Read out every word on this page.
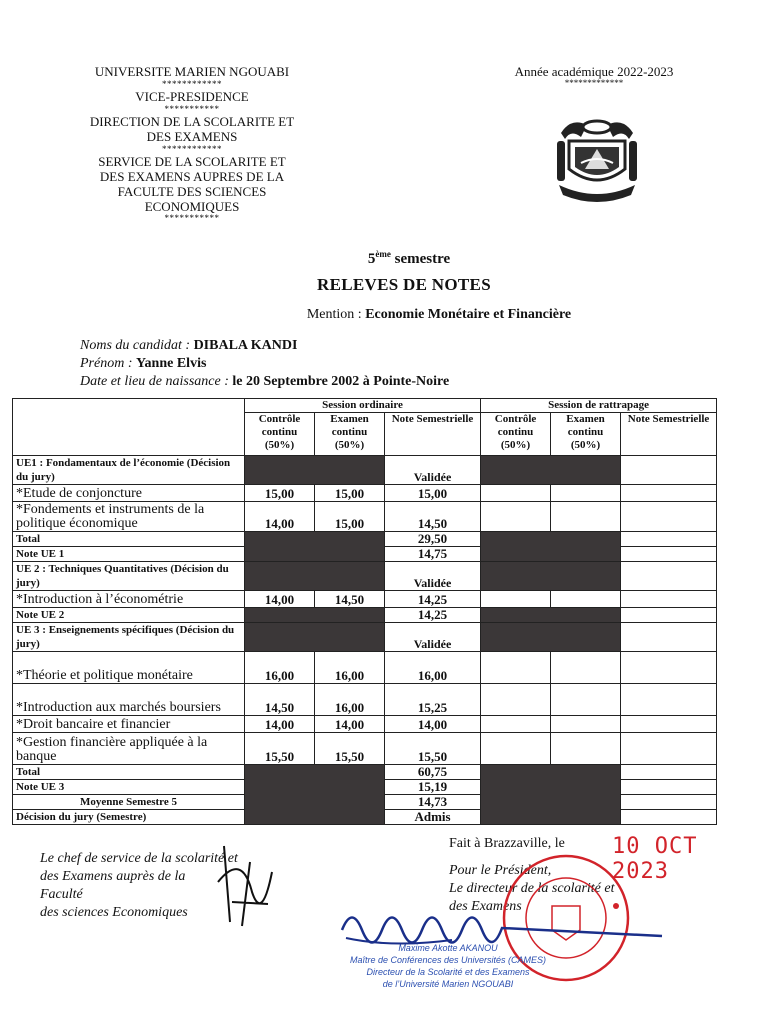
UNIVERSITE MARIEN NGOUABI
************
VICE-PRESIDENCE
***********
DIRECTION DE LA SCOLARITE ET
DES EXAMENS
************
SERVICE DE LA SCOLARITE ET
DES EXAMENS AUPRES DE LA
FACULTE DES SCIENCES
ECONOMIQUES
***********
Année académique 2022-2023
*************
5ème semestre
RELEVES DE NOTES
Mention : Economie Monétaire et Financière
Noms du candidat : DIBALA KANDI
Prénom : Yanne Elvis
Date et lieu de naissance : le 20 Septembre 2002 à Pointe-Noire
	Session ordinaire			Session de rattrapage		
	Contrôle continu (50%)	Examen continu (50%)	Note Semestrielle	Contrôle continu (50%)	Examen continu (50%)	Note Semestrielle
UE1 : Fondamentaux de l’économie (Décision du jury)			Validée			
*Etude de conjoncture	15,00	15,00	15,00			
*Fondements et instruments de la politique économique	14,00	15,00	14,50			
Total			29,50			
Note UE 1			14,75			
UE 2 : Techniques Quantitatives (Décision du jury)			Validée			
*Introduction à l’économétrie	14,00	14,50	14,25			
Note UE 2			14,25			
UE 3 : Enseignements spécifiques (Décision du jury)			Validée			
*Théorie et politique monétaire	16,00	16,00	16,00			
*Introduction aux marchés boursiers	14,50	16,00	15,25			
*Droit bancaire et financier	14,00	14,00	14,00			
*Gestion financière appliquée à la banque	15,50	15,50	15,50			
Total			60,75			
Note UE 3			15,19			
Moyenne Semestre 5			14,73			
Décision du jury (Semestre)			Admis			
Le chef de service de la scolarité et
des Examens auprès de la
Faculté
des sciences Economiques
Fait à Brazzaville, le 10 OCT 2023
Pour le Président,
Le directeur de la scolarité et
des Examens
Maxime Akotte AKANOU
Maître de Conférences des Universités (CAMES)
Directeur de la Scolarité et des Examens
de l’Université Marien NGOUABI
